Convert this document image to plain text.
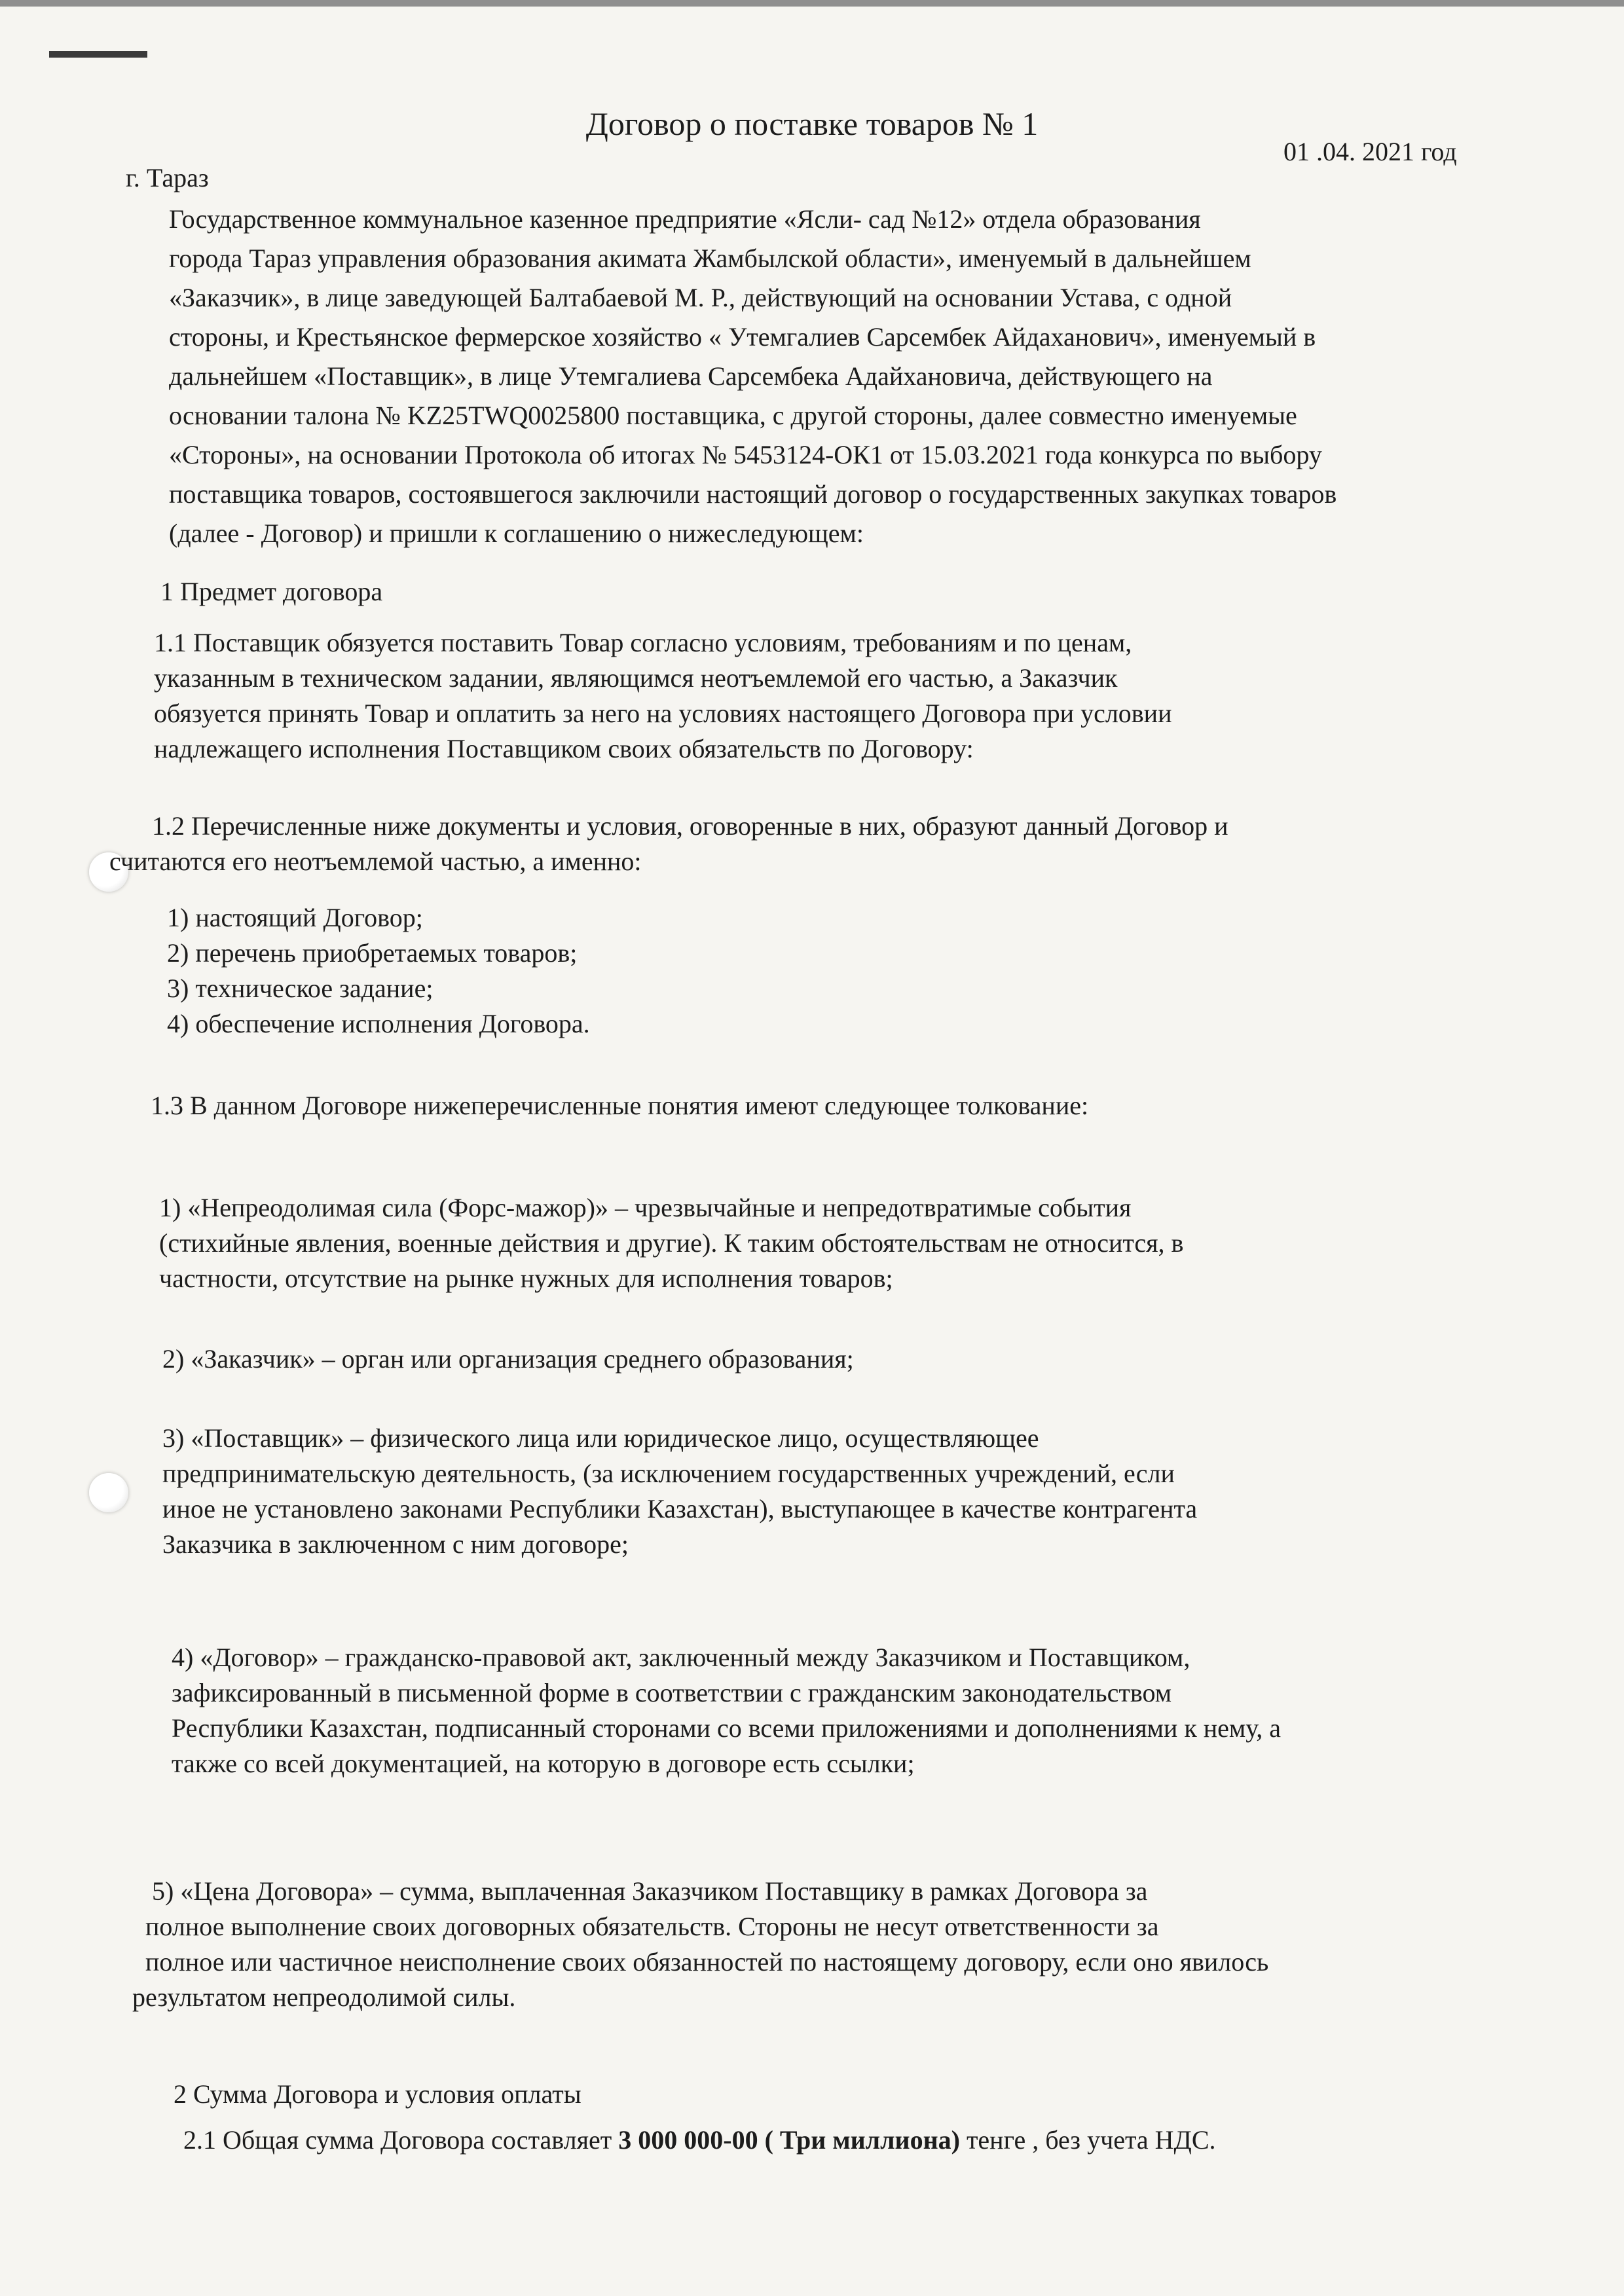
Договор о поставке товаров № 1
01 .04. 2021 год
г. Тараз
Государственное коммунальное казенное предприятие «Ясли- сад №12» отдела образования
города Тараз управления образования акимата Жамбылской области», именуемый в дальнейшем
«Заказчик», в лице заведующей Балтабаевой М. Р., действующий на основании Устава, с одной
стороны, и Крестьянское фермерское хозяйство « Утемгалиев Сарсембек Айдаханович», именуемый в
дальнейшем «Поставщик», в лице Утемгалиева Сарсембека Адайхановича, действующего на
основании талона № KZ25TWQ0025800 поставщика, с другой стороны, далее совместно именуемые
«Стороны», на основании Протокола об итогах № 5453124-ОК1 от 15.03.2021 года конкурса по выбору
поставщика товаров, состоявшегося заключили настоящий договор о государственных закупках товаров
(далее - Договор) и пришли к соглашению о нижеследующем:
1 Предмет договора
1.1 Поставщик обязуется поставить Товар согласно условиям, требованиям и по ценам,
указанным в техническом задании, являющимся неотъемлемой его частью, а Заказчик
обязуется принять Товар и оплатить за него на условиях настоящего Договора при условии
надлежащего исполнения Поставщиком своих обязательств по Договору:
1.2 Перечисленные ниже документы и условия, оговоренные в них, образуют данный Договор и
считаются его неотъемлемой частью, а именно:
1) настоящий Договор;
2) перечень приобретаемых товаров;
3) техническое задание;
4) обеспечение исполнения Договора.
1.3 В данном Договоре нижеперечисленные понятия имеют следующее толкование:
1) «Непреодолимая сила (Форс-мажор)» – чрезвычайные и непредотвратимые события
(стихийные явления, военные действия и другие). К таким обстоятельствам не относится, в
частности, отсутствие на рынке нужных для исполнения товаров;
2) «Заказчик» – орган или организация среднего образования;
3) «Поставщик» – физического лица или юридическое лицо, осуществляющее
предпринимательскую деятельность, (за исключением государственных учреждений, если
иное не установлено законами Республики Казахстан), выступающее в качестве контрагента
Заказчика в заключенном с ним договоре;
4) «Договор» – гражданско-правовой акт, заключенный между Заказчиком и Поставщиком,
зафиксированный в письменной форме в соответствии с гражданским законодательством
Республики Казахстан, подписанный сторонами со всеми приложениями и дополнениями к нему, а
также со всей документацией, на которую в договоре есть ссылки;
5) «Цена Договора» – сумма, выплаченная Заказчиком Поставщику в рамках Договора за
полное выполнение своих договорных обязательств. Стороны не несут ответственности за
полное или частичное неисполнение своих обязанностей по настоящему договору, если оно явилось
результатом непреодолимой силы.
2 Сумма Договора и условия оплаты
2.1 Общая сумма Договора составляет 3 000 000-00 ( Три миллиона) тенге , без учета НДС.
